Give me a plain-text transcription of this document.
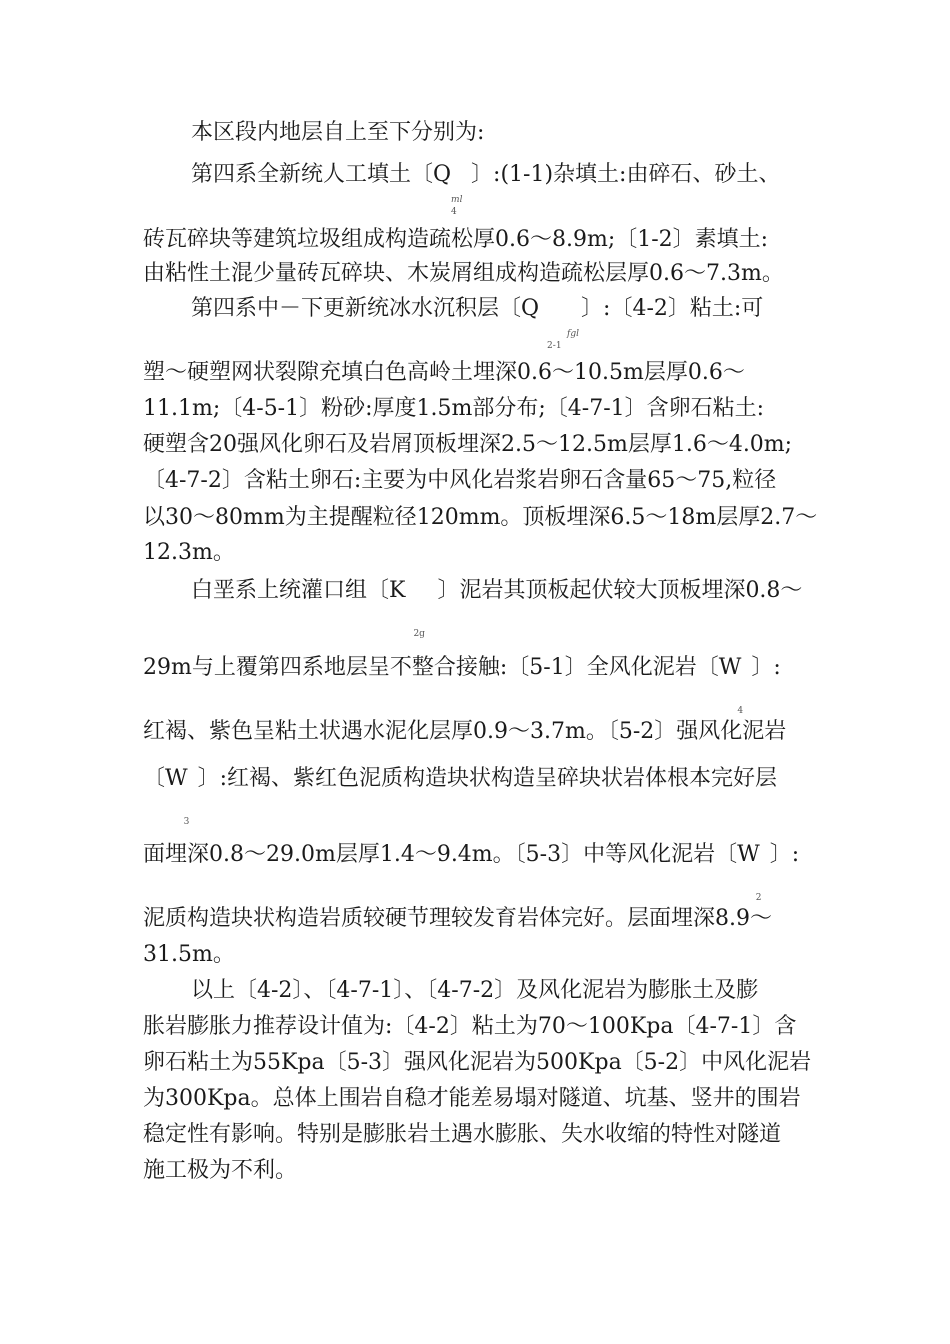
本区段内地层自上至下分别为:
第四系全新统人工填土〔Q
ml
4
〕:(1-1)杂填土:由碎石、砂土、
砖瓦碎块等建筑垃圾组成构造疏松厚0.6～8.9m;〔1-2〕素填土:
由粘性土混少量砖瓦碎块、木炭屑组成构造疏松层厚0.6～7.3m。
第四系中－下更新统冰水沉积层〔Q
fgl
2-1
〕:〔4-2〕粘土:可
塑～硬塑网状裂隙充填白色高岭土埋深0.6～10.5m层厚0.6～
11.1m;〔4-5-1〕粉砂:厚度1.5m部分布;〔4-7-1〕含卵石粘土:
硬塑含20强风化卵石及岩屑顶板埋深2.5～12.5m层厚1.6～4.0m;
〔4-7-2〕含粘土卵石:主要为中风化岩浆岩卵石含量65～75,粒径
以30～80mm为主提醒粒径120mm。顶板埋深6.5～18m层厚2.7～
12.3m。
白垩系上统灌口组〔K
2g
〕泥岩其顶板起伏较大顶板埋深0.8～
29m与上覆第四系地层呈不整合接触:〔5-1〕全风化泥岩〔W
4
〕:
红褐、紫色呈粘土状遇水泥化层厚0.9～3.7m。〔5-2〕强风化泥岩
〔W
3
〕:红褐、紫红色泥质构造块状构造呈碎块状岩体根本完好层
面埋深0.8～29.0m层厚1.4～9.4m。〔5-3〕中等风化泥岩〔W
2
〕:
泥质构造块状构造岩质较硬节理较发育岩体完好。层面埋深8.9～
31.5m。
以上〔4-2〕、〔4-7-1〕、〔4-7-2〕及风化泥岩为膨胀土及膨
胀岩膨胀力推荐设计值为:〔4-2〕粘土为70～100Kpa〔4-7-1〕含
卵石粘土为55Kpa〔5-3〕强风化泥岩为500Kpa〔5-2〕中风化泥岩
为300Kpa。总体上围岩自稳才能差易塌对隧道、坑基、竖井的围岩
稳定性有影响。特别是膨胀岩土遇水膨胀、失水收缩的特性对隧道
施工极为不利。
